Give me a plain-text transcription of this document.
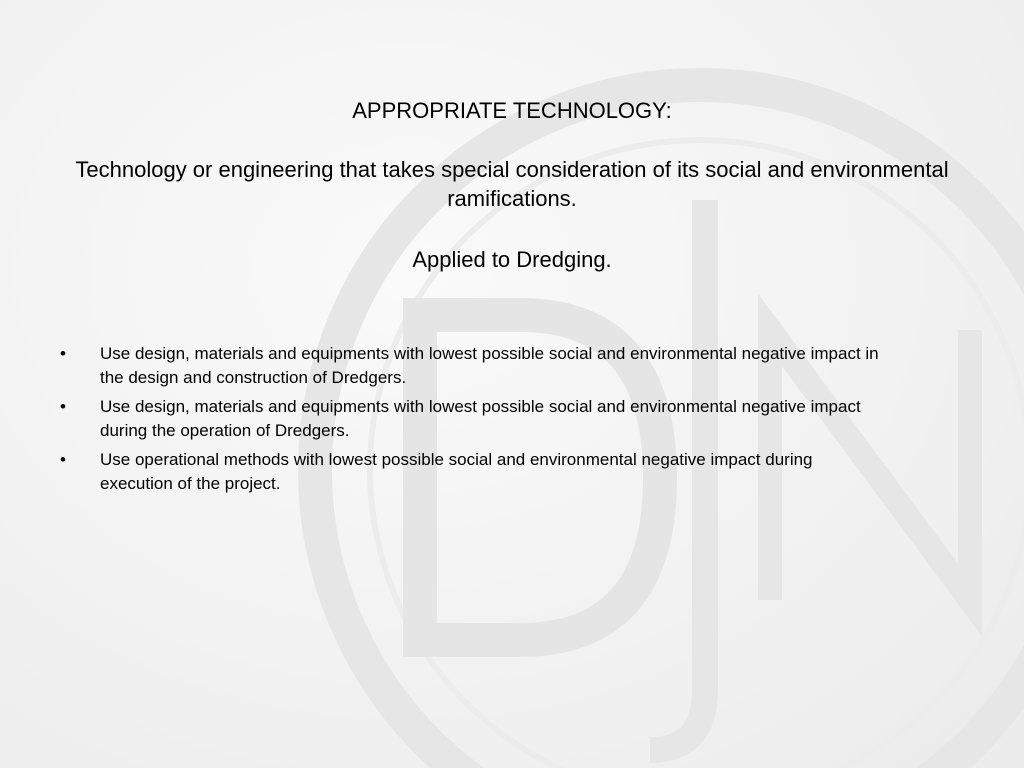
APPROPRIATE TECHNOLOGY:

Technology or engineering that takes special consideration of its social and environmental ramifications.

Applied to Dredging.

• Use design, materials and equipments with lowest possible social and environmental negative impact in the design and construction of Dredgers.
• Use design, materials and equipments with lowest possible social and environmental negative impact during the operation of Dredgers.
• Use operational methods with lowest possible social and environmental negative impact during execution of the project.
